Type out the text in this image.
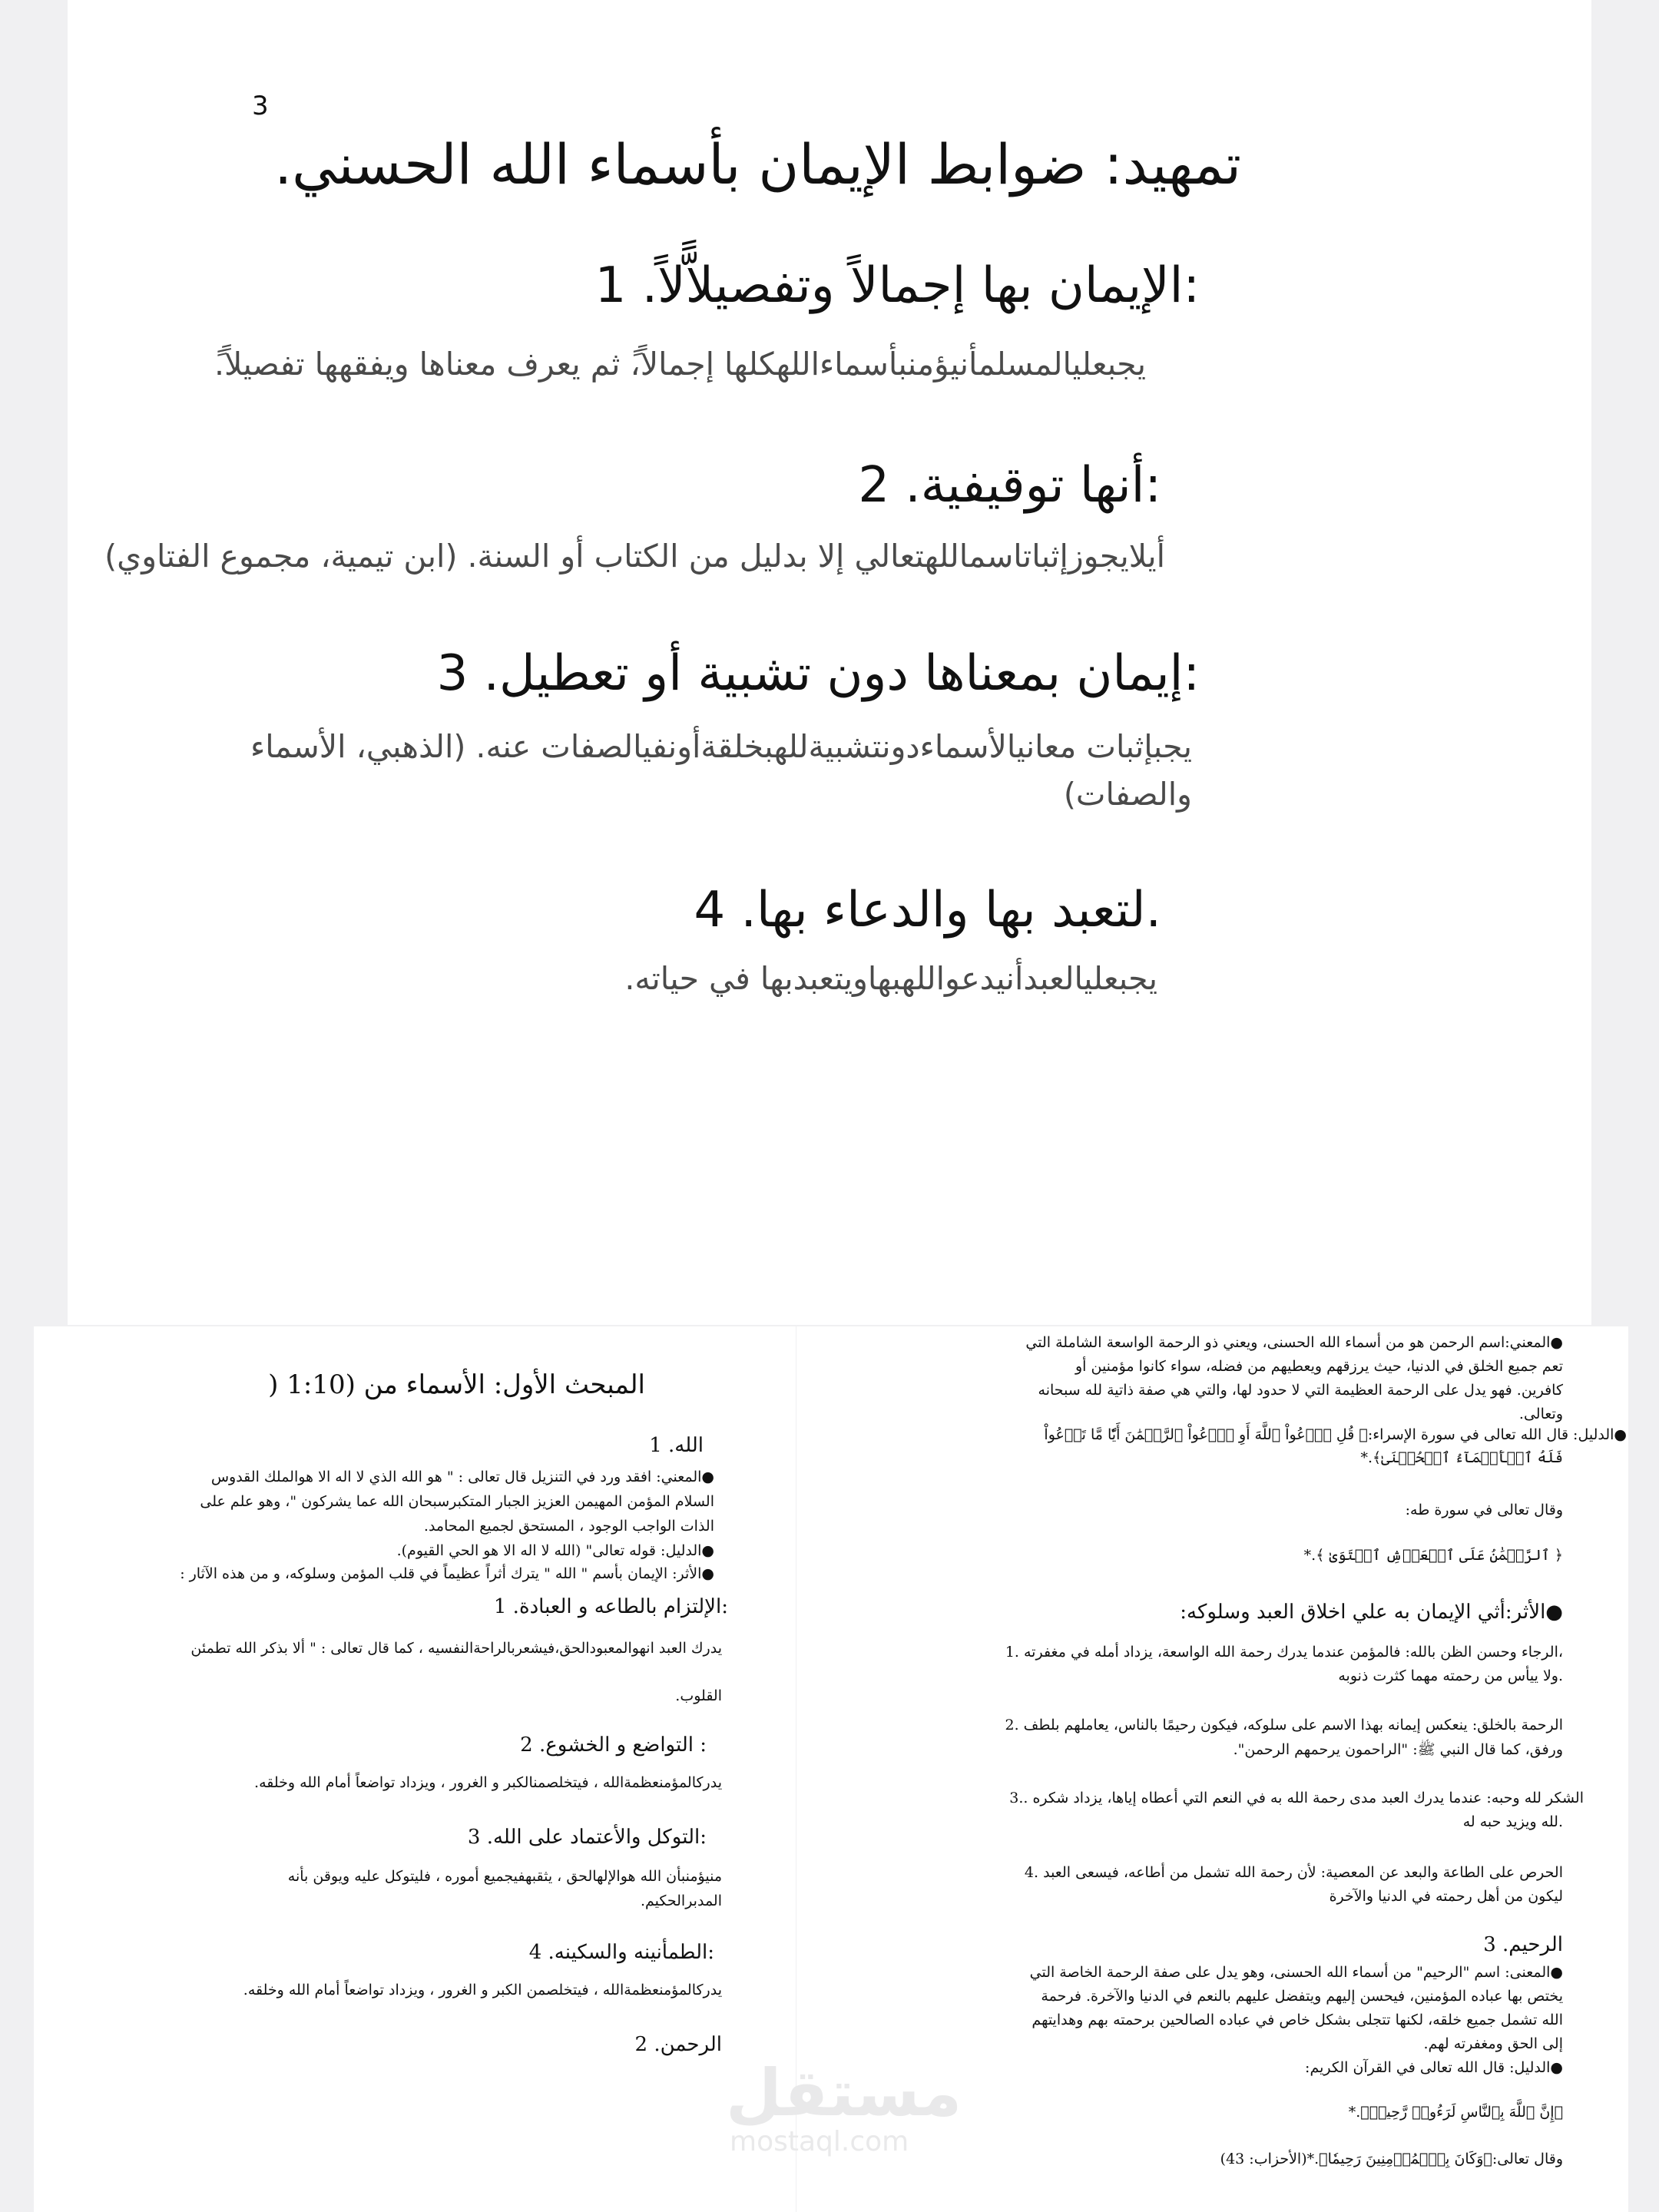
3
تمهيد: ضوابط الإيمان بأسماء الله الحسني.
:الإيمان بها إجمالاً وتفصيلاًّلاً. 1
يجبعليالمسلمأنيؤمنبأسماءاللهكلها إجمالاً،ً ثم يعرف معناها ويفقهها تفصيلاً.ً
:أنها توقيفية. 2
أيلايجوزإثباتاسماللهتعالي إلا بدليل من الكتاب أو السنة. (ابن تيمية، مجموع الفتاوي)
:إيمان بمعناها دون تشبية أو تعطيل. 3
يجبإثبات معانيالأسماءدونتشبيةللهبخلقةأونفيالصفات عنه. (الذهبي، الأسماء
والصفات)
.لتعبد بها والدعاء بها. 4
يجبعليالعبدأنيدعواللهبهاويتعبدبها في حياته.
المبحث الأول: الأسماء من (1:10 (
الله. 1
●المعني: افقد ورد في التنزيل قال تعالى : " هو الله الذي لا اله الا هوالملك القدوس
السلام المؤمن المهيمن العزيز الجبار المتكبرسبحان الله عما يشركون "، وهو علم على
الذات الواجب الوجود ، المستحق لجميع المحامد.
●الدليل: قوله تعالى" (الله لا اله الا هو الحي القيوم).
●الأثر: الإيمان بأسم " الله " يترك أثراً عظيماً في قلب المؤمن وسلوكه، و من هذه الآثار :
:الإلتزام بالطاعه و العبادة. 1
يدرك العبد انهوالمعبودالحق،فيشعربالراحةالنفسيه ، كما قال تعالى : " ألا بذكر الله تطمئن
القلوب.
: التواضع و الخشوع. 2
يدركالمؤمنعظمةالله ، فيتخلصمنالكبر و الغرور ، ويزداد تواضعاً أمام الله وخلقه.
:التوكل والأعتماد على الله. 3
منيؤمنبأن الله هوالإلهالحق ، يثقبهفيجميع أموره ، فليتوكل عليه ويوقن بأنه
المدبرالحكيم.
:الطمأنينه والسكينه. 4
يدركالمؤمنعظمةالله ، فيتخلصمن الكبر و الغرور ، ويزداد تواضعاً أمام الله وخلقه.
الرحمن. 2
●المعني:اسم الرحمن هو من أسماء الله الحسنى، ويعني ذو الرحمة الواسعة الشاملة التي
تعم جميع الخلق في الدنيا، حيث يرزقهم ويعطيهم من فضله، سواء كانوا مؤمنين أو
كافرين. فهو يدل على الرحمة العظيمة التي لا حدود لها، والتي هي صفة ذاتية لله سبحانه
وتعالى.
●الدليل: قال الله تعالى في سورة الإسراء:﴿ قُلِ ٱدۡعُواْ ٱللَّهَ أَوِ ٱدۡعُواْ ٱلرَّحۡمَٰنَ أَيّٗا مَّا تَدۡعُواْ
فَلَهُ ٱلۡأَسۡمَآءُ ٱلۡحُسۡنَىٰ﴾.*
وقال تعالى في سورة طه:
﴿ ٱلرَّحۡمَٰنُ عَلَى ٱلۡعَرۡشِ ٱسۡتَوَىٰ ﴾.*
●الأثر:أثي الإيمان به علي اخلاق العبد وسلوكه:
،الرجاء وحسن الظن بالله: فالمؤمن عندما يدرك رحمة الله الواسعة، يزداد أمله في مغفرته .1
.ولا ييأس من رحمته مهما كثرت ذنوبه
الرحمة بالخلق: ينعكس إيمانه بهذا الاسم على سلوكه، فيكون رحيمًا بالناس، يعاملهم بلطف .2
ورفق، كما قال النبي ﷺ: "الراحمون يرحمهم الرحمن".
الشكر لله وحبه: عندما يدرك العبد مدى رحمة الله به في النعم التي أعطاه إياها، يزداد شكره ..3
.لله ويزيد حبه له
الحرص على الطاعة والبعد عن المعصية: لأن رحمة الله تشمل من أطاعه، فيسعى العبد .4
ليكون من أهل رحمته في الدنيا والآخرة
الرحيم. 3
●المعنى: اسم "الرحيم" من أسماء الله الحسنى، وهو يدل على صفة الرحمة الخاصة التي
يختص بها عباده المؤمنين، فيحسن إليهم ويتفضل عليهم بالنعم في الدنيا والآخرة. فرحمة
الله تشمل جميع خلقه، لكنها تتجلى بشكل خاص في عباده الصالحين برحمته بهم وهدايتهم
إلى الحق ومغفرته لهم.
●الدليل: قال الله تعالى في القرآن الكريم:
﴿إِنَّ ٱللَّهَ بِٱلنَّاسِ لَرَءُوفٞ رَّحِيمٞ﴾.*
وقال تعالى:﴿وَكَانَ بِٱلۡمُؤۡمِنِينَ رَحِيمٗا﴾.*(الأحزاب: 43)
مستقل
mostaql.com
